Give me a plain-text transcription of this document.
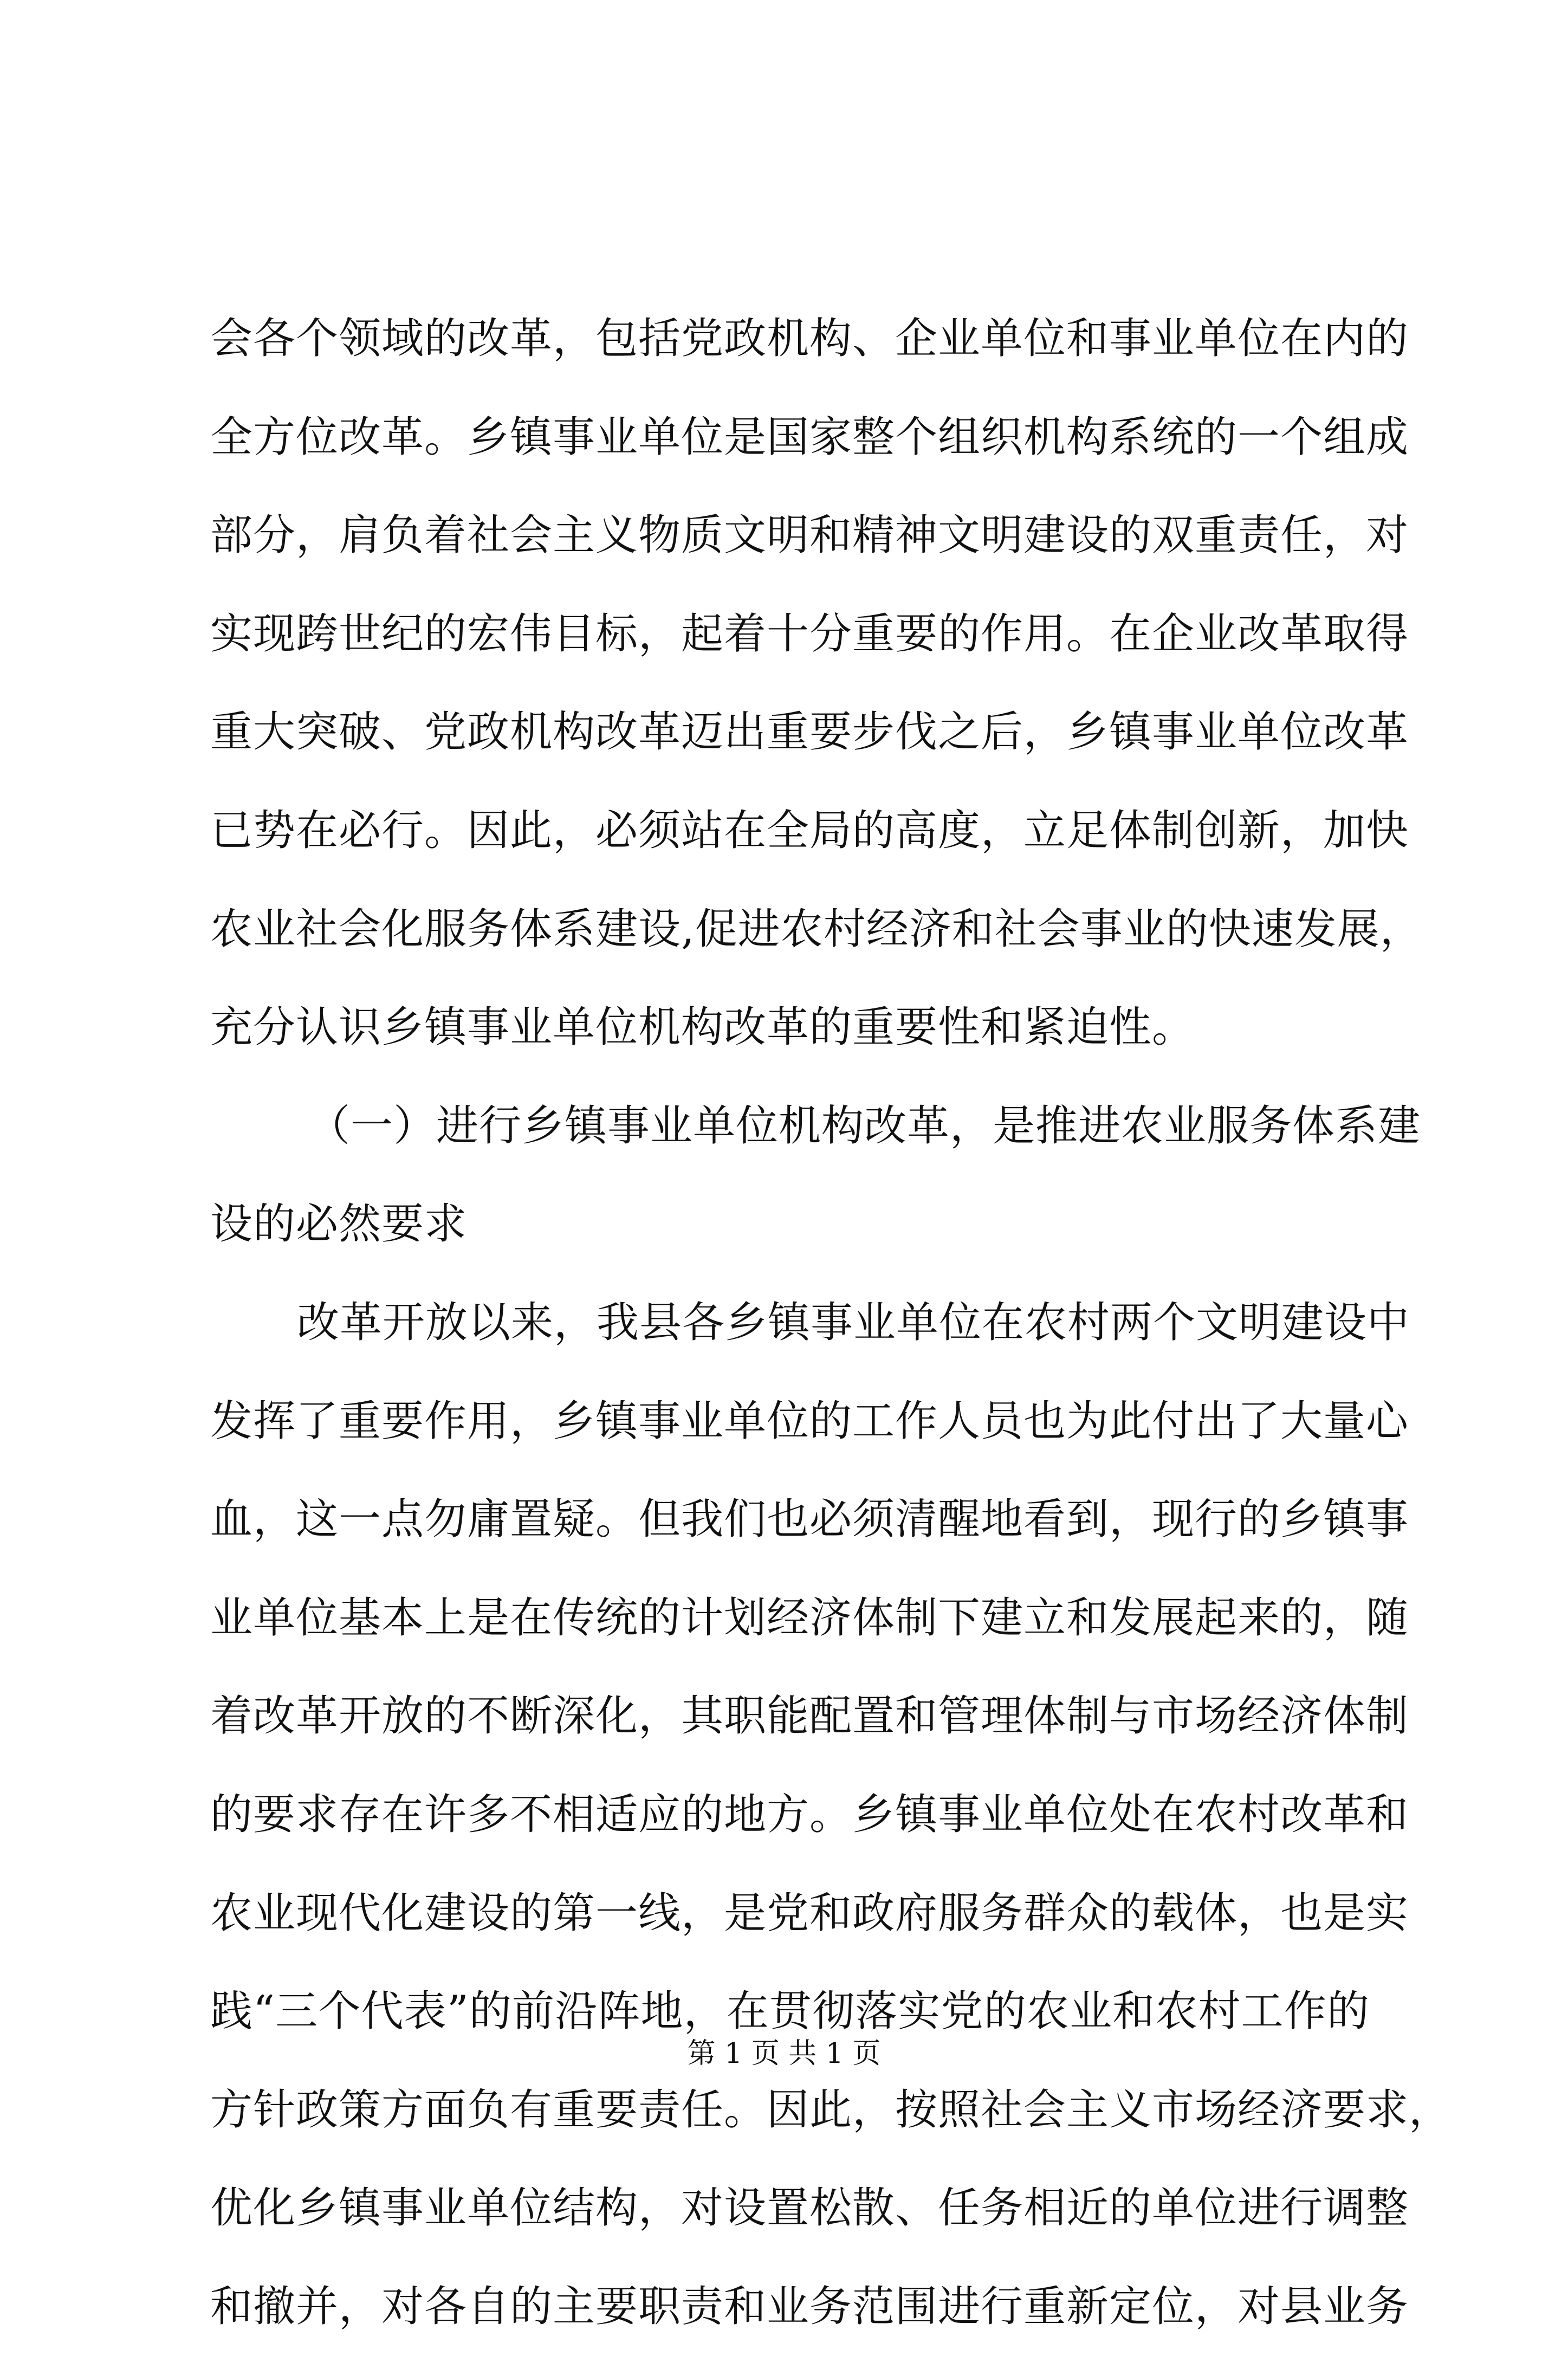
会各个领域的改革，包括党政机构、企业单位和事业单位在内的
全方位改革。乡镇事业单位是国家整个组织机构系统的一个组成
部分，肩负着社会主义物质文明和精神文明建设的双重责任，对
实现跨世纪的宏伟目标，起着十分重要的作用。在企业改革取得
重大突破、党政机构改革迈出重要步伐之后，乡镇事业单位改革
已势在必行。因此，必须站在全局的高度，立足体制创新，加快
农业社会化服务体系建设,促进农村经济和社会事业的快速发展，
充分认识乡镇事业单位机构改革的重要性和紧迫性。
（一）进行乡镇事业单位机构改革，是推进农业服务体系建
设的必然要求
改革开放以来，我县各乡镇事业单位在农村两个文明建设中
发挥了重要作用，乡镇事业单位的工作人员也为此付出了大量心
血，这一点勿庸置疑。但我们也必须清醒地看到，现行的乡镇事
业单位基本上是在传统的计划经济体制下建立和发展起来的，随
着改革开放的不断深化，其职能配置和管理体制与市场经济体制
的要求存在许多不相适应的地方。乡镇事业单位处在农村改革和
农业现代化建设的第一线，是党和政府服务群众的载体，也是实
践“三个代表”的前沿阵地，在贯彻落实党的农业和农村工作的
方针政策方面负有重要责任。因此，按照社会主义市场经济要求，
优化乡镇事业单位结构，对设置松散、任务相近的单位进行调整
和撤并，对各自的主要职责和业务范围进行重新定位，对县业务
第 1 页 共 1 页
